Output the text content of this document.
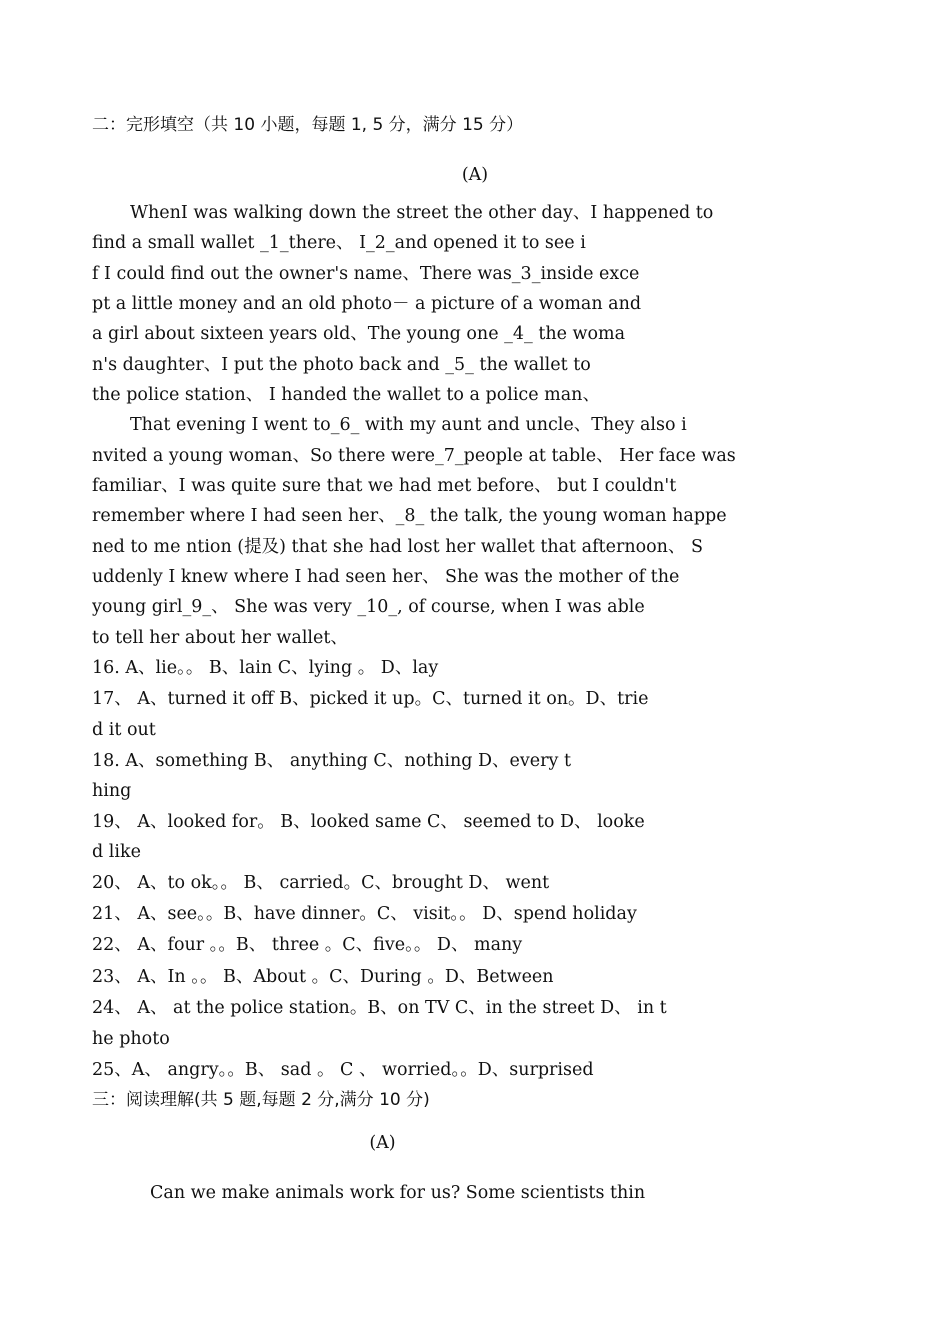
二：完形填空（共 10 小题，每题 1, 5 分，满分 15 分）
(A)
WhenI was walking down the street the other day、I happened to
find a small wallet _1_there、 I_2_and opened it to see i
f I could find out the owner's name、There was_3_inside exce
pt a little money and an old photo－ a picture of a woman and
a girl about sixteen years old、The young one _4_ the woma
n's daughter、I put the photo back and _5_ the wallet to
the police station、 I handed the wallet to a police man、
That evening I went to_6_ with my aunt and uncle、They also i
nvited a young woman、So there were_7_people at table、 Her face was
familiar、I was quite sure that we had met before、 but I couldn't
remember where I had seen her、_8_ the talk, the young woman happe
ned to me ntion (提及) that she had lost her wallet that afternoon、 S
uddenly I knew where I had seen her、 She was the mother of the
young girl_9_、 She was very _10_, of course, when I was able
to tell her about her wallet、
16. A、lie。。 B、lain C、lying 。 D、lay
17、 A、turned it off B、picked it up。C、turned it on。D、trie
d it out
18. A、something B、 anything C、nothing D、every t
hing
19、 A、looked for。 B、looked same C、 seemed to D、 looke
d like
20、 A、to ok。。 B、 carried。C、brought D、 went
21、 A、see。。B、have dinner。C、 visit。。 D、spend holiday
22、 A、four 。。B、 three 。C、five。。 D、 many
23、 A、In 。。 B、About 。C、During 。D、Between
24、 A、 at the police station。B、on TV C、in the street D、 in t
he photo
25、A、 angry。。B、 sad 。 C 、 worried。。D、surprised
三：阅读理解(共 5 题,每题 2 分,满分 10 分)
(A)
Can we make animals work for us? Some scientists thin
